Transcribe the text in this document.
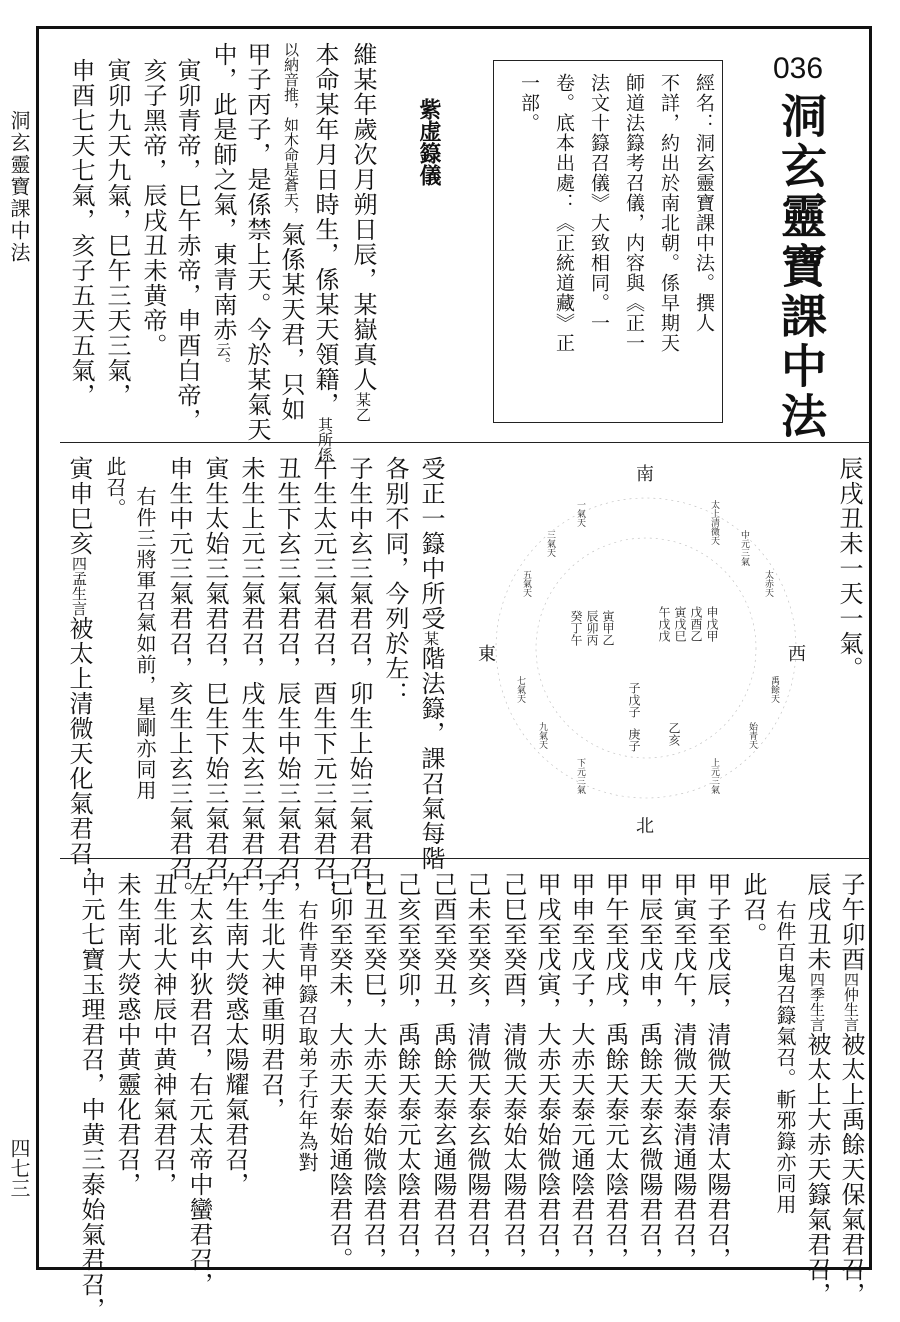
洞玄靈寶課中法
四七三
036
洞玄靈寶課中法
經名：洞玄靈寶課中法。撰人
不詳，約出於南北朝。係早期天
師道法籙考召儀，内容與《正一
法文十籙召儀》大致相同。一
卷。底本出處：《正統道藏》正
一部。
紫虚籙儀
維某年歲次月朔日辰，某嶽真人某乙
本命某年月日時生，係某天領籍，其所係
以納音推，如木命是蒼天，氣係某天君，只如
甲子丙子，是係禁上天。今於某氣天
中，此是師之氣，東青南赤云。
寅卯青帝，巳午赤帝，申酉白帝，
亥子黑帝，辰戌丑未黄帝。
寅卯九天九氣，巳午三天三氣，
申酉七天七氣，亥子五天五氣，
辰戌丑未一天一氣。
西
南
東
北
子戊子
庚子 乙亥
申戊甲
戊酉乙
寅戊巳
午戊戊
寅甲乙
辰卯丙
癸丁午
太上清微天
中元三氣
太赤天
禹餘天
始青天
上元三氣
下元三氣
九氣天
七氣天
五氣天
三氣天
一氣天
受正一籙中所受某階法籙，課召氣每階
各别不同，今列於左：
子生中玄三氣君召，卯生上始三氣君召，
午生太元三氣君召，酉生下元三氣君召，
丑生下玄三氣君召，辰生中始三氣君召，
未生上元三氣君召，戌生太玄三氣君召，
寅生太始三氣君召，巳生下始三氣君召，
申生中元三氣君召，亥生上玄三氣君召。
右件三將軍召氣如前，星剛亦同用
此召。
寅申巳亥四孟生言被太上清微天化氣君召，
子午卯酉四仲生言被太上禹餘天保氣君召，
辰戌丑未四季生言被太上大赤天籙氣君召，
右件百鬼召籙氣召。斬邪籙亦同用
此召。
甲子至戊辰，清微天泰清太陽君召，
甲寅至戊午，清微天泰清通陽君召，
甲辰至戊申，禹餘天泰玄微陽君召，
甲午至戊戌，禹餘天泰元太陰君召，
甲申至戊子，大赤天泰元通陰君召，
甲戌至戊寅，大赤天泰始微陰君召，
己巳至癸酉，清微天泰始太陽君召，
己未至癸亥，清微天泰玄微陽君召，
己酉至癸丑，禹餘天泰玄通陽君召，
己亥至癸卯，禹餘天泰元太陰君召，
己丑至癸巳，大赤天泰始微陰君召，
己卯至癸未，大赤天泰始通陰君召。
右件青甲籙召取弟子行年為對
子生北大神重明君召，
午生南大熒惑太陽耀氣君召，
左太玄中狄君召，右元太帝中蠻君召，
丑生北大神辰中黄神氣君召，
未生南大熒惑中黄靈化君召，
中元七寶玉理君召，中黄三泰始氣君召，
